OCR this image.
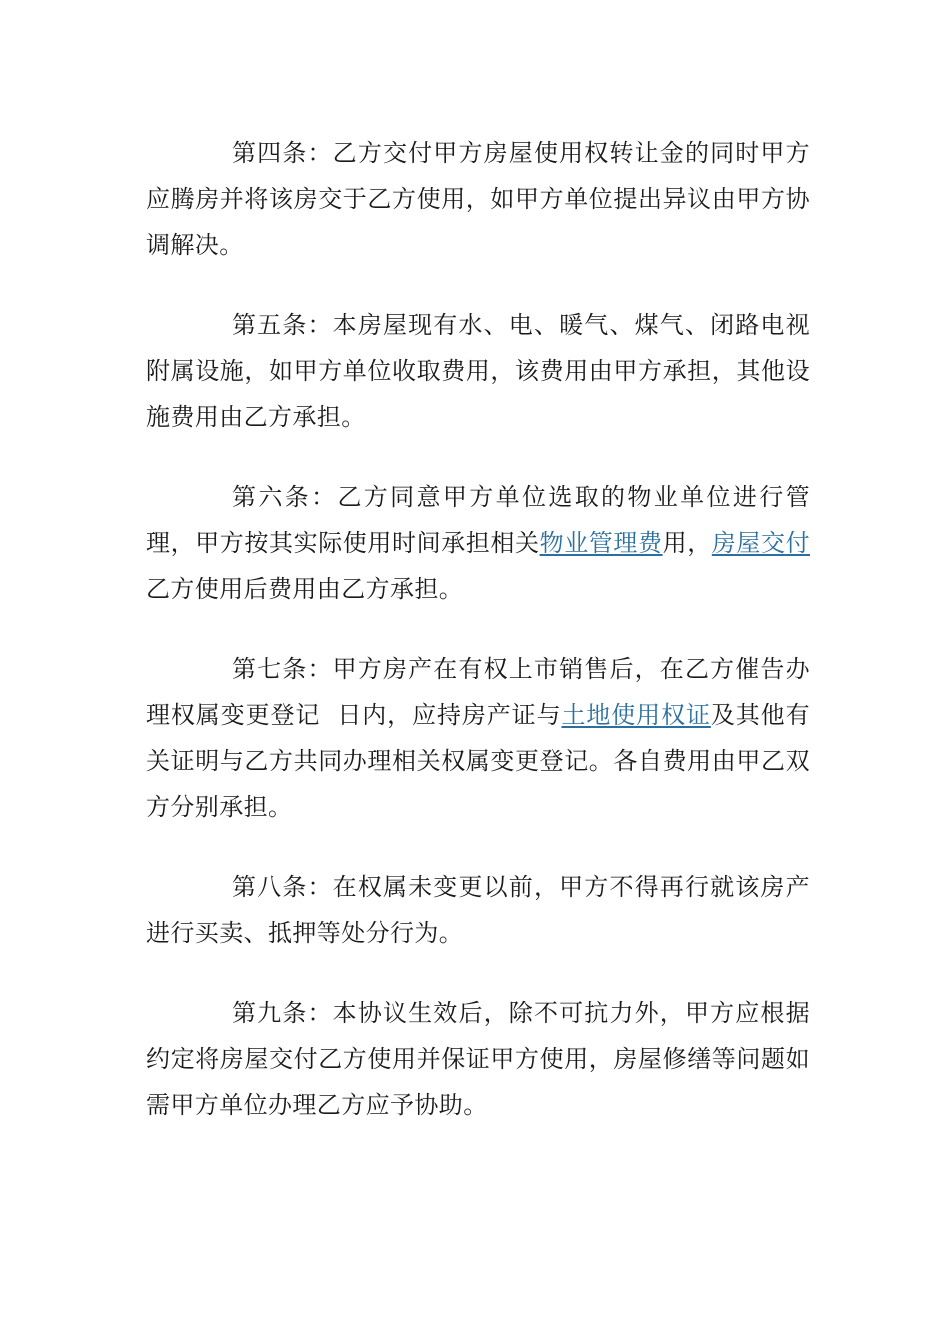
第四条：乙方交付甲方房屋使用权转让金的同时甲方应腾房并将该房交于乙方使用，如甲方单位提出异议由甲方协调解决。

第五条：本房屋现有水、电、暖气、煤气、闭路电视附属设施，如甲方单位收取费用，该费用由甲方承担，其他设施费用由乙方承担。

第六条：乙方同意甲方单位选取的物业单位进行管理，甲方按其实际使用时间承担相关物业管理费用，房屋交付乙方使用后费用由乙方承担。

第七条：甲方房产在有权上市销售后，在乙方催告办理权属变更登记  日内，应持房产证与土地使用权证及其他有关证明与乙方共同办理相关权属变更登记。各自费用由甲乙双方分别承担。

第八条：在权属未变更以前，甲方不得再行就该房产进行买卖、抵押等处分行为。

第九条：本协议生效后，除不可抗力外，甲方应根据约定将房屋交付乙方使用并保证甲方使用，房屋修缮等问题如需甲方单位办理乙方应予协助。
